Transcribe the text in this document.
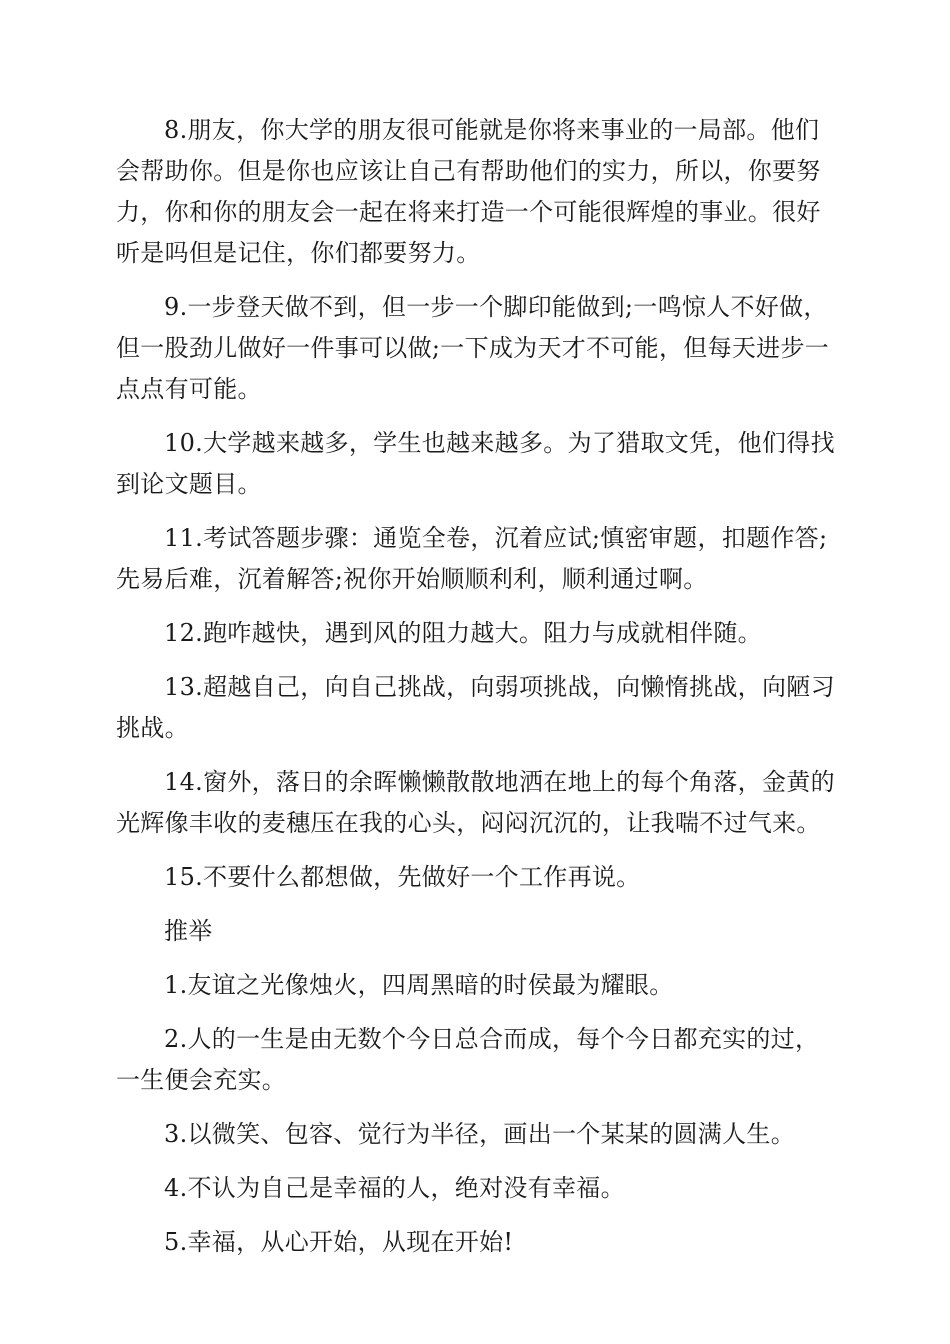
8.朋友，你大学的朋友很可能就是你将来事业的一局部。他们会帮助你。但是你也应该让自己有帮助他们的实力，所以，你要努力，你和你的朋友会一起在将来打造一个可能很辉煌的事业。很好听是吗但是记住，你们都要努力。

9.一步登天做不到，但一步一个脚印能做到;一鸣惊人不好做，但一股劲儿做好一件事可以做;一下成为天才不可能，但每天进步一点点有可能。

10.大学越来越多，学生也越来越多。为了猎取文凭，他们得找到论文题目。

11.考试答题步骤：通览全卷，沉着应试;慎密审题，扣题作答;先易后难，沉着解答;祝你开始顺顺利利，顺利通过啊。

12.跑咋越快，遇到风的阻力越大。阻力与成就相伴随。

13.超越自己，向自己挑战，向弱项挑战，向懒惰挑战，向陋习挑战。

14.窗外，落日的余晖懒懒散散地洒在地上的每个角落，金黄的光辉像丰收的麦穗压在我的心头，闷闷沉沉的，让我喘不过气来。

15.不要什么都想做，先做好一个工作再说。

推举

1.友谊之光像烛火，四周黑暗的时侯最为耀眼。

2.人的一生是由无数个今日总合而成，每个今日都充实的过，一生便会充实。

3.以微笑、包容、觉行为半径，画出一个某某的圆满人生。

4.不认为自己是幸福的人，绝对没有幸福。

5.幸福，从心开始，从现在开始!
